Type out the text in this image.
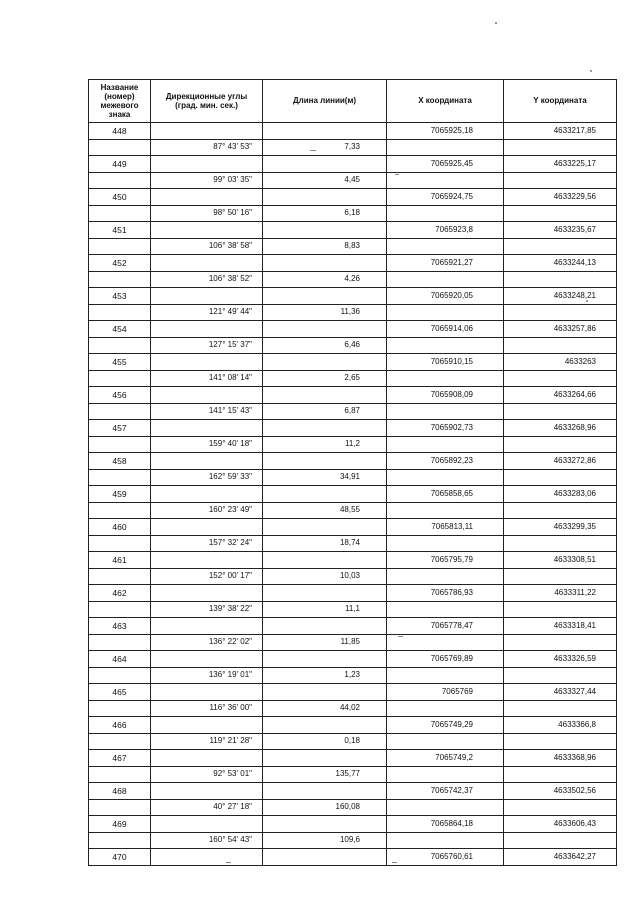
Название (номер) межевого знака	Дирекционные углы (град. мин. сек.)	Длина линии(м)	X координата	Y координата
448			7065925,18	4633217,85
	87° 43' 53"	7,33		
449			7065925,45	4633225,17
	99° 03' 35"	4,45		
450			7065924,75	4633229,56
	98° 50' 16"	6,18		
451			7065923,8	4633235,67
	106° 38' 58"	8,83		
452			7065921,27	4633244,13
	106° 38' 52"	4,26		
453			7065920,05	4633248,21
	121° 49' 44"	11,36		
454			7065914,06	4633257,86
	127° 15' 37"	6,46		
455			7065910,15	4633263
	141° 08' 14"	2,65		
456			7065908,09	4633264,66
	141° 15' 43"	6,87		
457			7065902,73	4633268,96
	159° 40' 18"	11,2		
458			7065892,23	4633272,86
	162° 59' 33"	34,91		
459			7065858,65	4633283,06
	160° 23' 49"	48,55		
460			7065813,11	4633299,35
	157° 32' 24"	18,74		
461			7065795,79	4633308,51
	152° 00' 17"	10,03		
462			7065786,93	4633311,22
	139° 38' 22"	11,1		
463			7065778,47	4633318,41
	136° 22' 02"	11,85		
464			7065769,89	4633326,59
	136° 19' 01"	1,23		
465			7065769	4633327,44
	116° 36' 00"	44,02		
466			7065749,29	4633366,8
	119° 21' 28"	0,18		
467			7065749,2	4633368,96
	92° 53' 01"	135,77		
468			7065742,37	4633502,56
	40° 27' 18"	160,08		
469			7065864,18	4633606,43
	160° 54' 43"	109,6		
470			7065760,61	4633642,27
